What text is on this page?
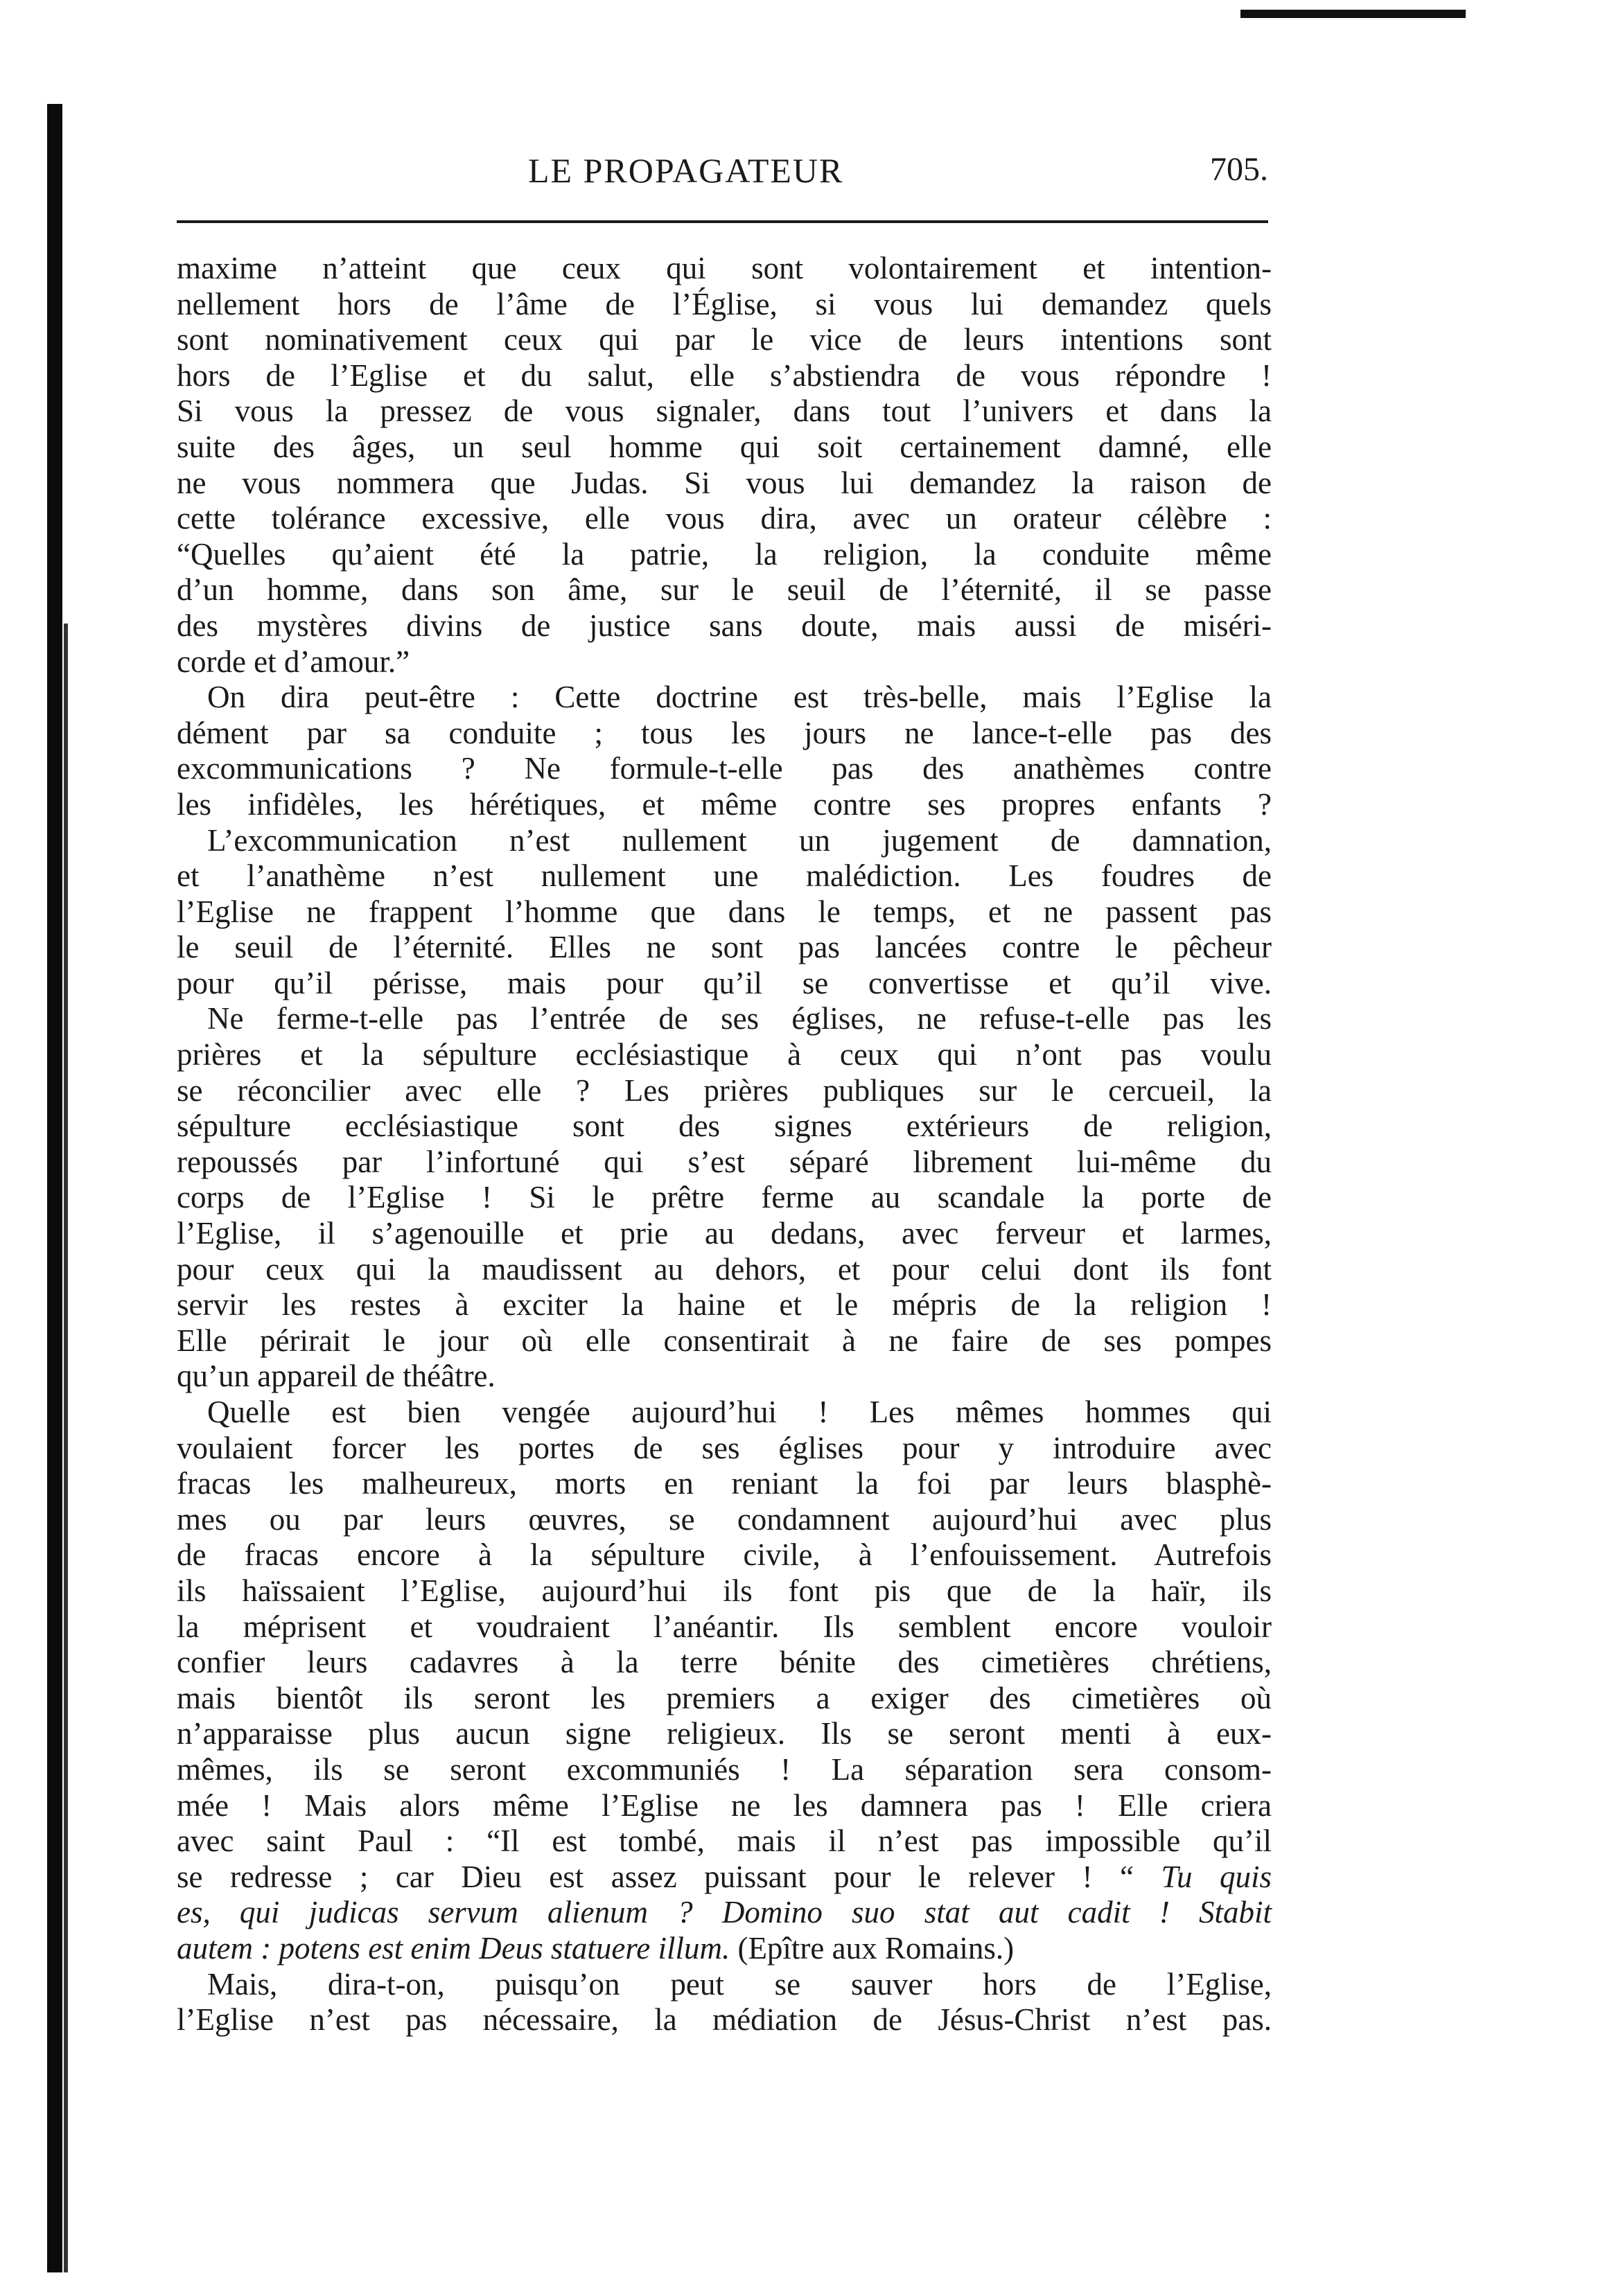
LE PROPAGATEUR	705.

maxime n’atteint que ceux qui sont volontairement et intention-
nellement hors de l’âme de l’Église, si vous lui demandez quels
sont nominativement ceux qui par le vice de leurs intentions sont
hors de l’Eglise et du salut, elle s’abstiendra de vous répondre !
Si vous la pressez de vous signaler, dans tout l’univers et dans la
suite des âges, un seul homme qui soit certainement damné, elle
ne vous nommera que Judas. Si vous lui demandez la raison de
cette tolérance excessive, elle vous dira, avec un orateur célèbre :
“Quelles qu’aient été la patrie, la religion, la conduite même
d’un homme, dans son âme, sur le seuil de l’éternité, il se passe
des mystères divins de justice sans doute, mais aussi de miséri-
corde et d’amour.”

On dira peut-être : Cette doctrine est très-belle, mais l’Eglise la
dément par sa conduite ; tous les jours ne lance-t-elle pas des
excommunications ? Ne formule-t-elle pas des anathèmes contre
les infidèles, les hérétiques, et même contre ses propres enfants ?

L’excommunication n’est nullement un jugement de damnation,
et l’anathème n’est nullement une malédiction. Les foudres de
l’Eglise ne frappent l’homme que dans le temps, et ne passent pas
le seuil de l’éternité. Elles ne sont pas lancées contre le pêcheur
pour qu’il périsse, mais pour qu’il se convertisse et qu’il vive.

Ne ferme-t-elle pas l’entrée de ses églises, ne refuse-t-elle pas les
prières et la sépulture ecclésiastique à ceux qui n’ont pas voulu
se réconcilier avec elle ? Les prières publiques sur le cercueil, la
sépulture ecclésiastique sont des signes extérieurs de religion,
repoussés par l’infortuné qui s’est séparé librement lui-même du
corps de l’Eglise ! Si le prêtre ferme au scandale la porte de
l’Eglise, il s’agenouille et prie au dedans, avec ferveur et larmes,
pour ceux qui la maudissent au dehors, et pour celui dont ils font
servir les restes à exciter la haine et le mépris de la religion !
Elle périrait le jour où elle consentirait à ne faire de ses pompes
qu’un appareil de théâtre.

Quelle est bien vengée aujourd’hui ! Les mêmes hommes qui
voulaient forcer les portes de ses églises pour y introduire avec
fracas les malheureux, morts en reniant la foi par leurs blasphè-
mes ou par leurs œuvres, se condamnent aujourd’hui avec plus
de fracas encore à la sépulture civile, à l’enfouissement. Autrefois
ils haïssaient l’Eglise, aujourd’hui ils font pis que de la haïr, ils
la méprisent et voudraient l’anéantir. Ils semblent encore vouloir
confier leurs cadavres à la terre bénite des cimetières chrétiens,
mais bientôt ils seront les premiers a exiger des cimetières où
n’apparaisse plus aucun signe religieux. Ils se seront menti à eux-
mêmes, ils se seront excommuniés ! La séparation sera consom-
mée ! Mais alors même l’Eglise ne les damnera pas ! Elle criera
avec saint Paul : “Il est tombé, mais il n’est pas impossible qu’il
se redresse ; car Dieu est assez puissant pour le relever ! “ Tu quis
es, qui judicas servum alienum ? Domino suo stat aut cadit ! Stabit
autem : potens est enim Deus statuere illum. (Epître aux Romains.)

Mais, dira-t-on, puisqu’on peut se sauver hors de l’Eglise,
l’Eglise n’est pas nécessaire, la médiation de Jésus-Christ n’est pas.
